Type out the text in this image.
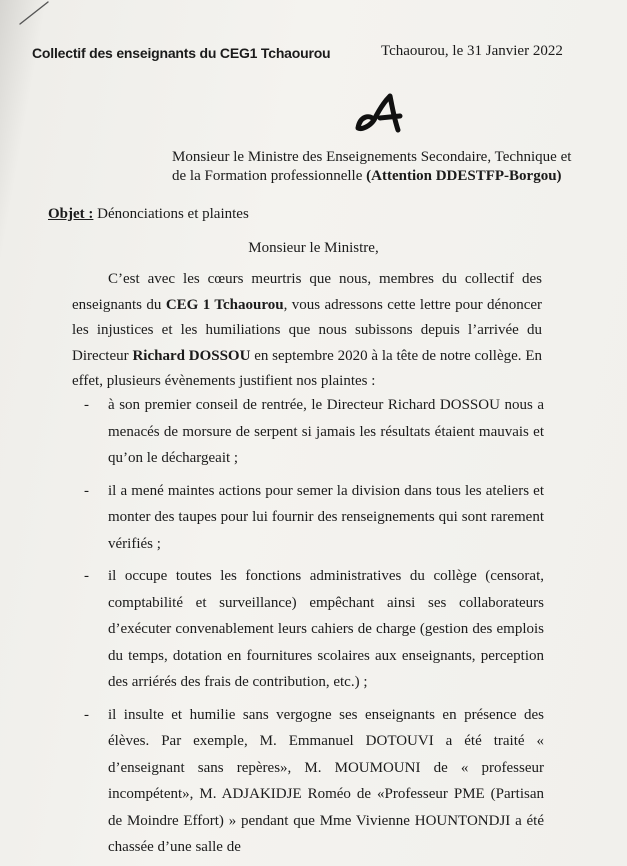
Collectif des enseignants du CEG1 Tchaourou	Tchaourou, le 31 Janvier 2022
Monsieur le Ministre des Enseignements Secondaire, Technique et
de la Formation professionnelle (Attention DDESTFP-Borgou)
Objet : Dénonciations et plaintes
Monsieur le Ministre,

C’est avec les cœurs meurtris que nous, membres du collectif des enseignants du CEG 1 Tchaourou, vous adressons cette lettre pour dénoncer les injustices et les humiliations que nous subissons depuis l’arrivée du Directeur Richard DOSSOU en septembre 2020 à la tête de notre collège. En effet, plusieurs évènements justifient nos plaintes :

- à son premier conseil de rentrée, le Directeur Richard DOSSOU nous a menacés de morsure de serpent si jamais les résultats étaient mauvais et qu’on le déchargeait ;
- il a mené maintes actions pour semer la division dans tous les ateliers et monter des taupes pour lui fournir des renseignements qui sont rarement vérifiés ;
- il occupe toutes les fonctions administratives du collège (censorat, comptabilité et surveillance) empêchant ainsi ses collaborateurs d’exécuter convenablement leurs cahiers de charge (gestion des emplois du temps, dotation en fournitures scolaires aux enseignants, perception des arriérés des frais de contribution, etc.) ;
- il insulte et humilie sans vergogne ses enseignants en présence des élèves. Par exemple, M. Emmanuel DOTOUVI a été traité « d’enseignant sans repères», M. MOUMOUNI de « professeur incompétent», M. ADJAKIDJE Roméo de «Professeur PME (Partisan de Moindre Effort) » pendant que Mme Vivienne HOUNTONDJI a été chassée d’une salle de
